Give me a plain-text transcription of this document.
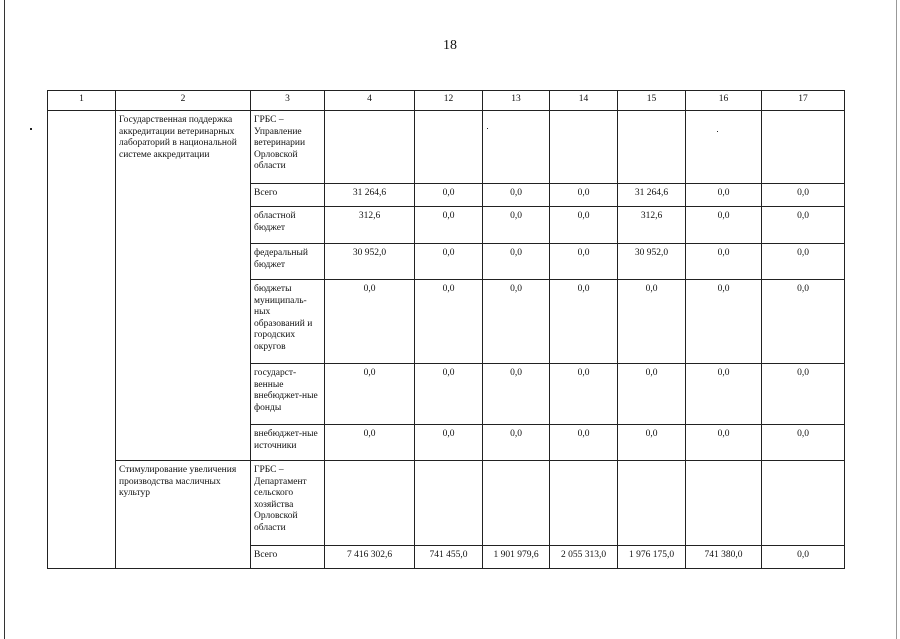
18
1	2	3	4	12	13	14	15	16	17
	Государственная поддержка аккредитации ветеринарных лабораторий в национальной системе аккредитации	ГРБС – Управление ветеринарии Орловской области							
		Всего	31 264,6	0,0	0,0	0,0	31 264,6	0,0	0,0
		областной бюджет	312,6	0,0	0,0	0,0	312,6	0,0	0,0
		федеральный бюджет	30 952,0	0,0	0,0	0,0	30 952,0	0,0	0,0
		бюджеты муниципаль-ных образований и городских округов	0,0	0,0	0,0	0,0	0,0	0,0	0,0
		государст-венные внебюджет-ные фонды	0,0	0,0	0,0	0,0	0,0	0,0	0,0
		внебюджет-ные источники	0,0	0,0	0,0	0,0	0,0	0,0	0,0
	Стимулирование увеличения производства масличных культур	ГРБС – Департамент сельского хозяйства Орловской области							
		Всего	7 416 302,6	741 455,0	1 901 979,6	2 055 313,0	1 976 175,0	741 380,0	0,0
